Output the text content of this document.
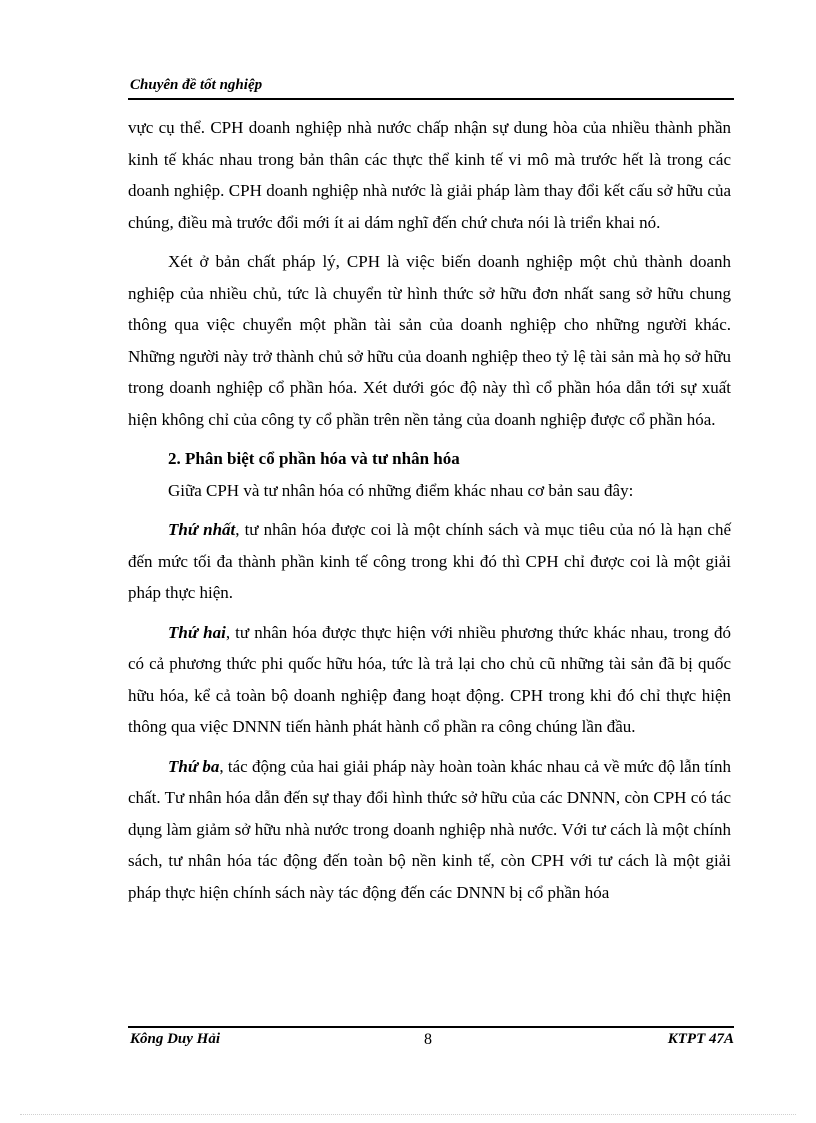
Chuyên đề tốt nghiệp

vực cụ thể. CPH doanh nghiệp nhà nước chấp nhận sự dung hòa của nhiều thành phần kinh tế khác nhau trong bản thân các thực thể kinh tế vi mô mà trước hết là trong các doanh nghiệp. CPH doanh nghiệp nhà nước là giải pháp làm thay đổi kết cấu sở hữu của chúng, điều mà trước đổi mới ít ai dám nghĩ đến chứ chưa nói là triển khai nó.

Xét ở bản chất pháp lý, CPH là việc biến doanh nghiệp một chủ thành doanh nghiệp của nhiều chủ, tức là chuyển từ hình thức sở hữu đơn nhất sang sở hữu chung thông qua việc chuyển một phần tài sản của doanh nghiệp cho những người khác. Những người này trở thành chủ sở hữu của doanh nghiệp theo tỷ lệ tài sản mà họ sở hữu trong doanh nghiệp cổ phần hóa. Xét dưới góc độ này thì cổ phần hóa dẫn tới sự xuất hiện không chỉ của công ty cổ phần trên nền tảng của doanh nghiệp được cổ phần hóa.

2. Phân biệt cổ phần hóa và tư nhân hóa

Giữa CPH và tư nhân hóa có những điểm khác nhau cơ bản sau đây:

Thứ nhất, tư nhân hóa được coi là một chính sách và mục tiêu của nó là hạn chế đến mức tối đa thành phần kinh tế công trong khi đó thì CPH chỉ được coi là một giải pháp thực hiện.

Thứ hai, tư nhân hóa được thực hiện với nhiều phương thức khác nhau, trong đó có cả phương thức phi quốc hữu hóa, tức là trả lại cho chủ cũ những tài sản đã bị quốc hữu hóa, kể cả toàn bộ doanh nghiệp đang hoạt động. CPH trong khi đó chỉ thực hiện thông qua việc DNNN tiến hành phát hành cổ phần ra công chúng lần đầu.

Thứ ba, tác động của hai giải pháp này hoàn toàn khác nhau cả về mức độ lẫn tính chất. Tư nhân hóa dẫn đến sự thay đổi hình thức sở hữu của các DNNN, còn CPH có tác dụng làm giảm sở hữu nhà nước trong doanh nghiệp nhà nước. Với tư cách là một chính sách, tư nhân hóa tác động đến toàn bộ nền kinh tế, còn CPH với tư cách là một giải pháp thực hiện chính sách này tác động đến các DNNN bị cổ phần hóa

Kông Duy Hải	8	KTPT 47A
